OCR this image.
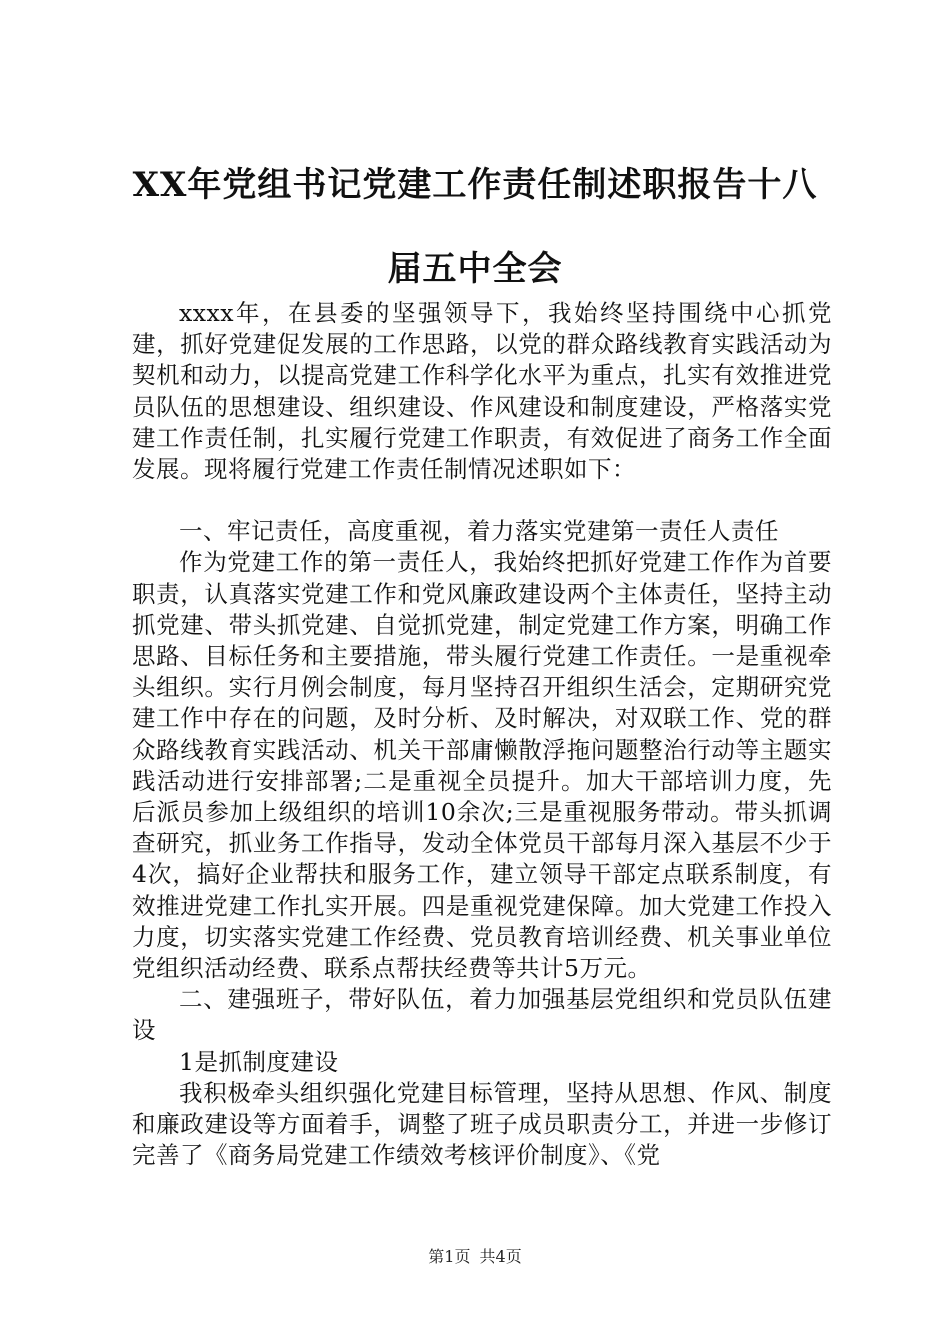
XX年党组书记党建工作责任制述职报告十八
届五中全会

xxxx年，在县委的坚强领导下，我始终坚持围绕中心抓党建，抓好党建促发展的工作思路，以党的群众路线教育实践活动为契机和动力，以提高党建工作科学化水平为重点，扎实有效推进党员队伍的思想建设、组织建设、作风建设和制度建设，严格落实党建工作责任制，扎实履行党建工作职责，有效促进了商务工作全面发展。现将履行党建工作责任制情况述职如下：

一、牢记责任，高度重视，着力落实党建第一责任人责任

作为党建工作的第一责任人，我始终把抓好党建工作作为首要职责，认真落实党建工作和党风廉政建设两个主体责任，坚持主动抓党建、带头抓党建、自觉抓党建，制定党建工作方案，明确工作思路、目标任务和主要措施，带头履行党建工作责任。一是重视牵头组织。实行月例会制度，每月坚持召开组织生活会，定期研究党建工作中存在的问题，及时分析、及时解决，对双联工作、党的群众路线教育实践活动、机关干部庸懒散浮拖问题整治行动等主题实践活动进行安排部署;二是重视全员提升。加大干部培训力度，先后派员参加上级组织的培训10余次;三是重视服务带动。带头抓调查研究，抓业务工作指导，发动全体党员干部每月深入基层不少于4次，搞好企业帮扶和服务工作，建立领导干部定点联系制度，有效推进党建工作扎实开展。四是重视党建保障。加大党建工作投入力度，切实落实党建工作经费、党员教育培训经费、机关事业单位党组织活动经费、联系点帮扶经费等共计5万元。

二、建强班子，带好队伍，着力加强基层党组织和党员队伍建设

1是抓制度建设

我积极牵头组织强化党建目标管理，坚持从思想、作风、制度和廉政建设等方面着手，调整了班子成员职责分工，并进一步修订完善了《商务局党建工作绩效考核评价制度》、《党

第1页 共4页
